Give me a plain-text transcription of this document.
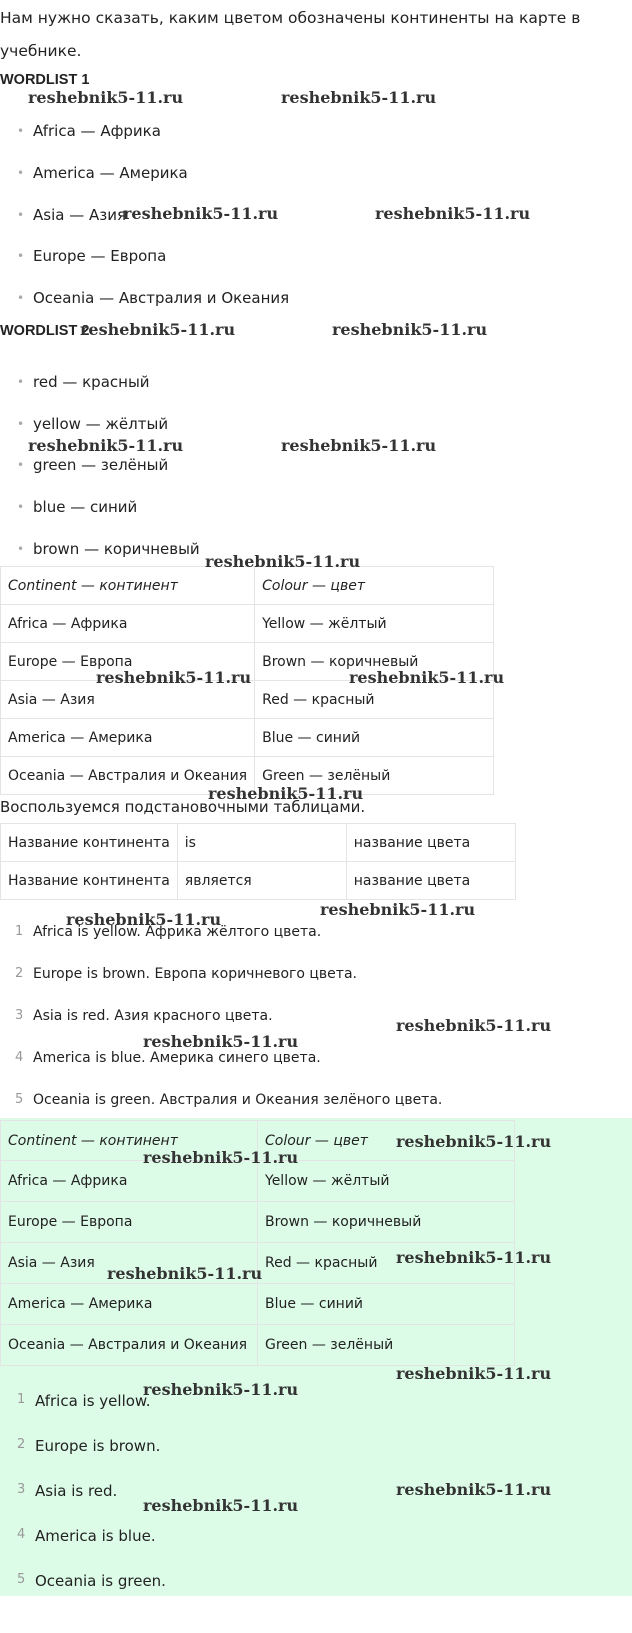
Нам нужно сказать, каким цветом обозначены континенты на карте в учебнике.

WORDLIST 1
• Africa — Африка
• America — Америка
• Asia — Азия
• Europe — Европа
• Oceania — Австралия и Океания
WORDLIST 2
• red — красный
• yellow — жёлтый
• green — зелёный
• blue — синий
• brown — коричневый
Continent — континент	Colour — цвет
Africa — Африка	Yellow — жёлтый
Europe — Европа	Brown — коричневый
Asia — Азия	Red — красный
America — Америка	Blue — синий
Oceania — Австралия и Океания	Green — зелёный
Воспользуемся подстановочными таблицами.
Название континента	is	название цвета
Название континента	является	название цвета
1 Africa is yellow. Африка жёлтого цвета.
2 Europe is brown. Европа коричневого цвета.
3 Asia is red. Азия красного цвета.
4 America is blue. Америка синего цвета.
5 Oceania is green. Австралия и Океания зелёного цвета.
Continent — континент	Colour — цвет
Africa — Африка	Yellow — жёлтый
Europe — Европа	Brown — коричневый
Asia — Азия	Red — красный
America — Америка	Blue — синий
Oceania — Австралия и Океания	Green — зелёный
1 Africa is yellow.
2 Europe is brown.
3 Asia is red.
4 America is blue.
5 Oceania is green.
reshebnik5-11.ru	reshebnik5-11.ru
reshebnik5-11.ru	reshebnik5-11.ru
reshebnik5-11.ru	reshebnik5-11.ru
reshebnik5-11.ru	reshebnik5-11.ru
reshebnik5-11.ru
reshebnik5-11.ru	reshebnik5-11.ru
reshebnik5-11.ru
reshebnik5-11.ru
reshebnik5-11.ru
reshebnik5-11.ru
reshebnik5-11.ru
reshebnik5-11.ru
reshebnik5-11.ru
reshebnik5-11.ru
reshebnik5-11.ru
reshebnik5-11.ru
reshebnik5-11.ru
reshebnik5-11.ru
reshebnik5-11.ru
